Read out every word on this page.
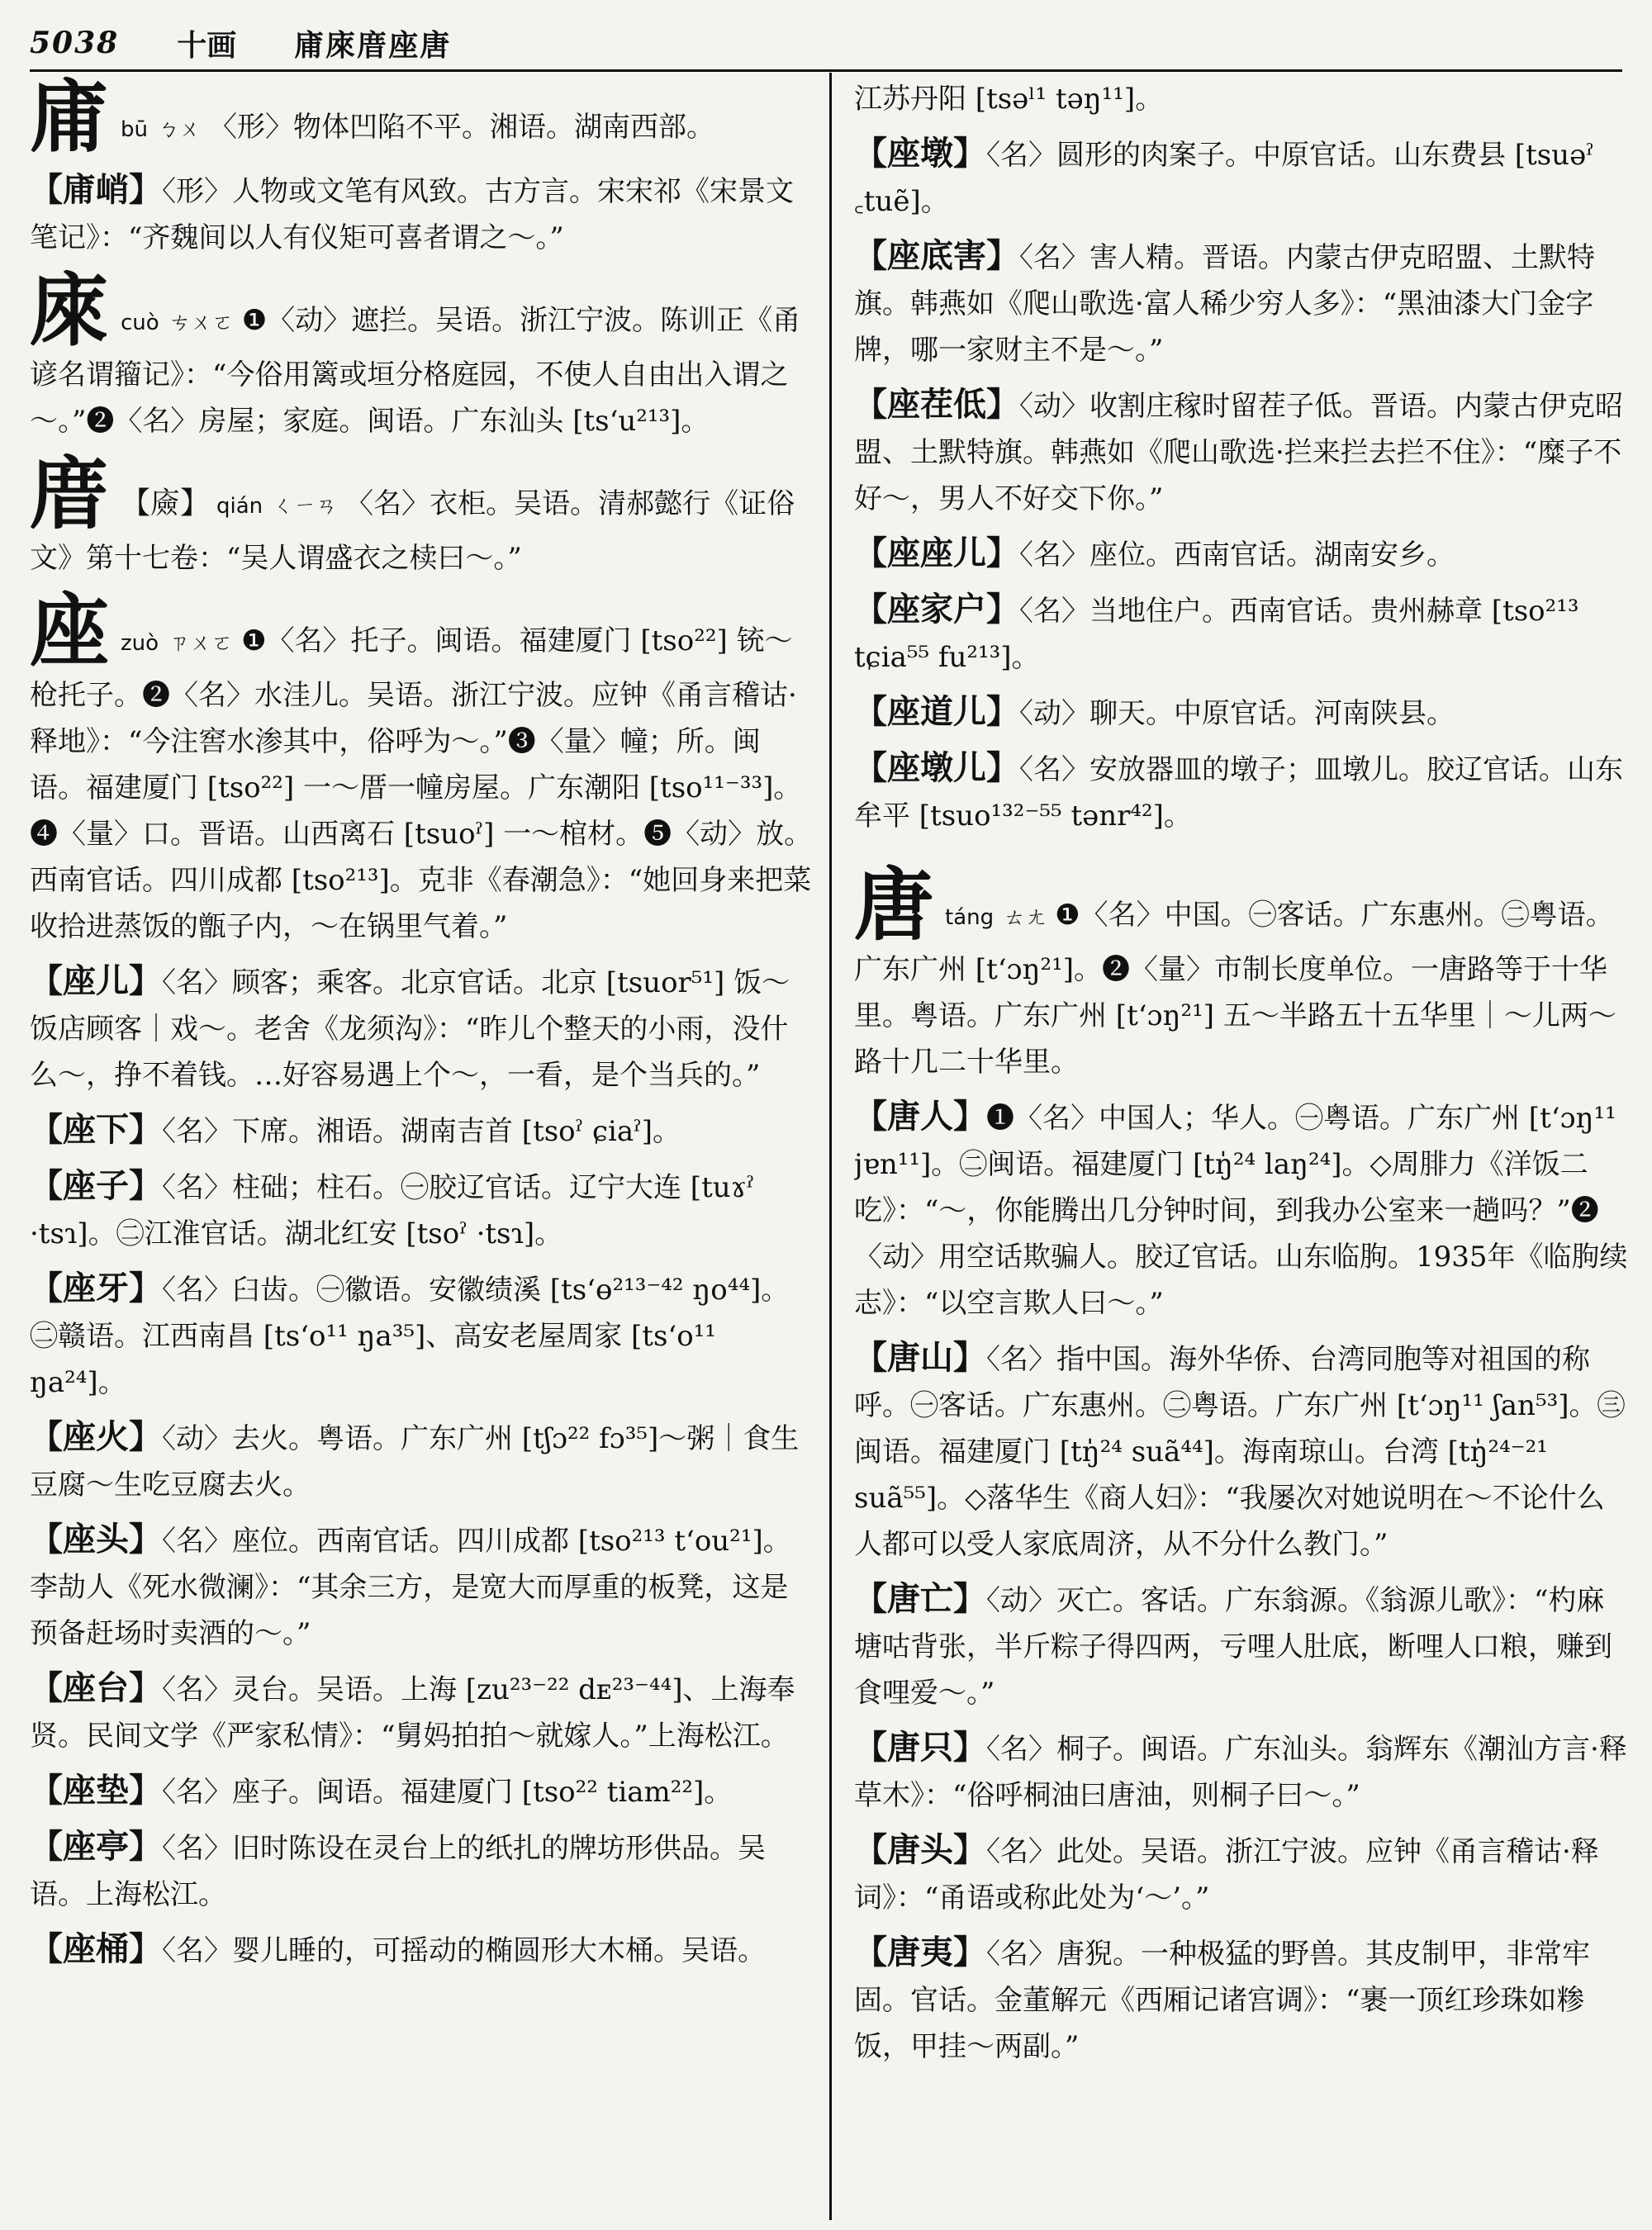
5038 十画 庯庲庴座唐
庯bū ㄅㄨ 〈形〉物体凹陷不平。湘语。湖南西部。
【庯峭】〈形〉人物或文笔有风致。古方言。宋宋祁《宋景文笔记》：“齐魏间以人有仪矩可喜者谓之～。”
庲cuò ㄘㄨㄛ ❶〈动〉遮拦。吴语。浙江宁波。陈训正《甬谚名谓籀记》：“今俗用篱或垣分格庭园，不使人自由出入谓之～。”❷〈名〉房屋；家庭。闽语。广东汕头 [tsʻu²¹³]。
庴 【㢛】 qián ㄑㄧㄢ 〈名〉衣柜。吴语。清郝懿行《证俗文》第十七卷：“吴人谓盛衣之椟曰～。”
座zuò ㄗㄨㄛ ❶〈名〉托子。闽语。福建厦门 [tso²²] 铳～枪托子。❷〈名〉水洼儿。吴语。浙江宁波。应钟《甬言稽诂·释地》：“今注窖水渗其中，俗呼为～。”❸〈量〉幢；所。闽语。福建厦门 [tso²²] 一～厝一幢房屋。广东潮阳 [tso¹¹⁻³³]。❹〈量〉口。晋语。山西离石 [tsuoˀ] 一～棺材。❺〈动〉放。西南官话。四川成都 [tso²¹³]。克非《春潮急》：“她回身来把菜收拾进蒸饭的甑子内，～在锅里气着。”
【座儿】〈名〉顾客；乘客。北京官话。北京 [tsuor⁵¹] 饭～饭店顾客｜戏～。老舍《龙须沟》：“昨儿个整天的小雨，没什么～，挣不着钱。…好容易遇上个～，一看，是个当兵的。”
【座下】〈名〉下席。湘语。湖南吉首 [tsoˀ ɕiaˀ]。
【座子】〈名〉柱础；柱石。㊀胶辽官话。辽宁大连 [tuɤˀ ·tsɿ]。㊁江淮官话。湖北红安 [tsoˀ ·tsɿ]。
【座牙】〈名〉臼齿。㊀徽语。安徽绩溪 [tsʻɵ²¹³⁻⁴² ŋo⁴⁴]。㊁赣语。江西南昌 [tsʻo¹¹ ŋa³⁵]、高安老屋周家 [tsʻo¹¹ ŋa²⁴]。
【座火】〈动〉去火。粤语。广东广州 [tʃɔ²² fɔ³⁵]～粥｜食生豆腐～生吃豆腐去火。
【座头】〈名〉座位。西南官话。四川成都 [tso²¹³ tʻou²¹]。李劼人《死水微澜》：“其余三方，是宽大而厚重的板凳，这是预备赶场时卖酒的～。”
【座台】〈名〉灵台。吴语。上海 [zu²³⁻²² dᴇ²³⁻⁴⁴]、上海奉贤。民间文学《严家私情》：“舅妈拍拍～就嫁人。”上海松江。
【座垫】〈名〉座子。闽语。福建厦门 [tso²² tiam²²]。
【座亭】〈名〉旧时陈设在灵台上的纸扎的牌坊形供品。吴语。上海松江。
【座桶】〈名〉婴儿睡的，可摇动的椭圆形大木桶。吴语。
江苏丹阳 [tsəˡ¹ təŋ¹¹]。
【座墩】〈名〉圆形的肉案子。中原官话。山东费县 [tsuəˀ ꜀tuẽ]。
【座底害】〈名〉害人精。晋语。内蒙古伊克昭盟、土默特旗。韩燕如《爬山歌选·富人稀少穷人多》：“黑油漆大门金字牌，哪一家财主不是～。”
【座茬低】〈动〉收割庄稼时留茬子低。晋语。内蒙古伊克昭盟、土默特旗。韩燕如《爬山歌选·拦来拦去拦不住》：“糜子不好～，男人不好交下你。”
【座座儿】〈名〉座位。西南官话。湖南安乡。
【座家户】〈名〉当地住户。西南官话。贵州赫章 [tso²¹³ tɕia⁵⁵ fu²¹³]。
【座道儿】〈动〉聊天。中原官话。河南陕县。
【座墩儿】〈名〉安放器皿的墩子；皿墩儿。胶辽官话。山东牟平 [tsuo¹³²⁻⁵⁵ tənr⁴²]。
唐táng ㄊㄤ ❶〈名〉中国。㊀客话。广东惠州。㊁粤语。广东广州 [tʻɔŋ²¹]。❷〈量〉市制长度单位。一唐路等于十华里。粤语。广东广州 [tʻɔŋ²¹] 五～半路五十五华里｜～儿两～路十几二十华里。
【唐人】❶〈名〉中国人；华人。㊀粤语。广东广州 [tʻɔŋ¹¹ jɐn¹¹]。㊁闽语。福建厦门 [tŋ̍²⁴ laŋ²⁴]。◇周腓力《洋饭二吃》：“～，你能腾出几分钟时间，到我办公室来一趟吗？”❷〈动〉用空话欺骗人。胶辽官话。山东临朐。1935年《临朐续志》：“以空言欺人曰～。”
【唐山】〈名〉指中国。海外华侨、台湾同胞等对祖国的称呼。㊀客话。广东惠州。㊁粤语。广东广州 [tʻɔŋ¹¹ ʃan⁵³]。㊂闽语。福建厦门 [tŋ̍²⁴ suã⁴⁴]。海南琼山。台湾 [tŋ̍²⁴⁻²¹ suã⁵⁵]。◇落华生《商人妇》：“我屡次对她说明在～不论什么人都可以受人家底周济，从不分什么教门。”
【唐亡】〈动〉灭亡。客话。广东翁源。《翁源儿歌》：“杓麻塘咕背张，半斤粽子得四两，亏哩人肚底，断哩人口粮，赚到食哩爱～。”
【唐只】〈名〉桐子。闽语。广东汕头。翁辉东《潮汕方言·释草木》：“俗呼桐油曰唐油，则桐子曰～。”
【唐头】〈名〉此处。吴语。浙江宁波。应钟《甬言稽诂·释词》：“甬语或称此处为‘～’。”
【唐夷】〈名〉唐猊。一种极猛的野兽。其皮制甲，非常牢固。官话。金董解元《西厢记诸宫调》：“裹一顶红珍珠如糁饭，甲挂～两副。”
